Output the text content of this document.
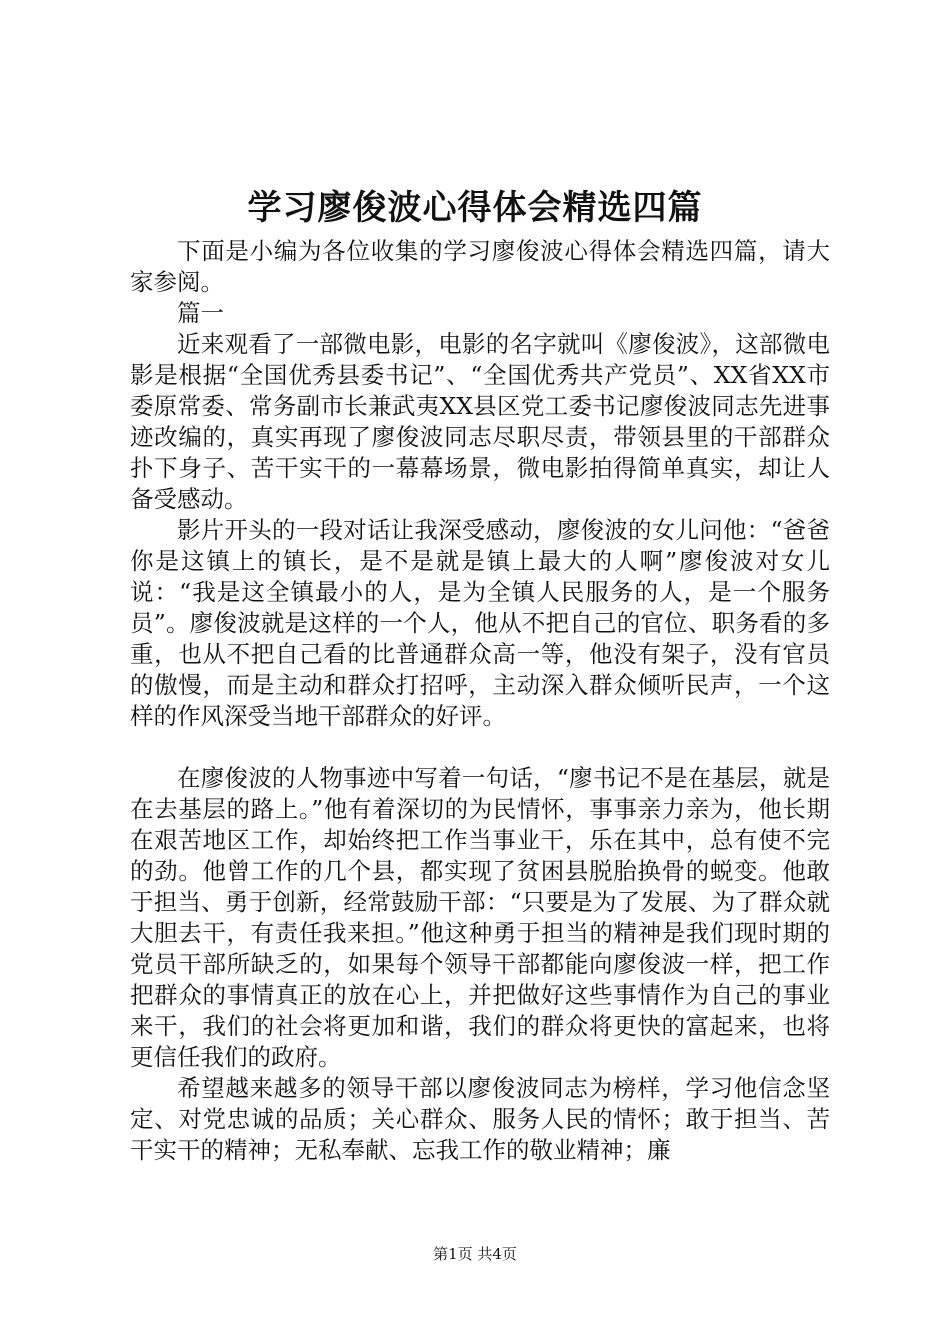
学习廖俊波心得体会精选四篇

下面是小编为各位收集的学习廖俊波心得体会精选四篇，请大家参阅。

篇一

近来观看了一部微电影，电影的名字就叫《廖俊波》，这部微电影是根据“全国优秀县委书记”、“全国优秀共产党员”、XX省XX市委原常委、常务副市长兼武夷XX县区党工委书记廖俊波同志先进事迹改编的，真实再现了廖俊波同志尽职尽责，带领县里的干部群众扑下身子、苦干实干的一幕幕场景，微电影拍得简单真实，却让人备受感动。

影片开头的一段对话让我深受感动，廖俊波的女儿问他：“爸爸你是这镇上的镇长，是不是就是镇上最大的人啊”廖俊波对女儿说：“我是这全镇最小的人，是为全镇人民服务的人，是一个服务员”。廖俊波就是这样的一个人，他从不把自己的官位、职务看的多重，也从不把自己看的比普通群众高一等，他没有架子，没有官员的傲慢，而是主动和群众打招呼，主动深入群众倾听民声，一个这样的作风深受当地干部群众的好评。

在廖俊波的人物事迹中写着一句话，“廖书记不是在基层，就是在去基层的路上。”他有着深切的为民情怀，事事亲力亲为，他长期在艰苦地区工作，却始终把工作当事业干，乐在其中，总有使不完的劲。他曾工作的几个县，都实现了贫困县脱胎换骨的蜕变。他敢于担当、勇于创新，经常鼓励干部：“只要是为了发展、为了群众就大胆去干，有责任我来担。”他这种勇于担当的精神是我们现时期的党员干部所缺乏的，如果每个领导干部都能向廖俊波一样，把工作把群众的事情真正的放在心上，并把做好这些事情作为自己的事业来干，我们的社会将更加和谐，我们的群众将更快的富起来，也将更信任我们的政府。

希望越来越多的领导干部以廖俊波同志为榜样，学习他信念坚定、对党忠诚的品质；关心群众、服务人民的情怀；敢于担当、苦干实干的精神；无私奉献、忘我工作的敬业精神；廉

第1页 共4页
